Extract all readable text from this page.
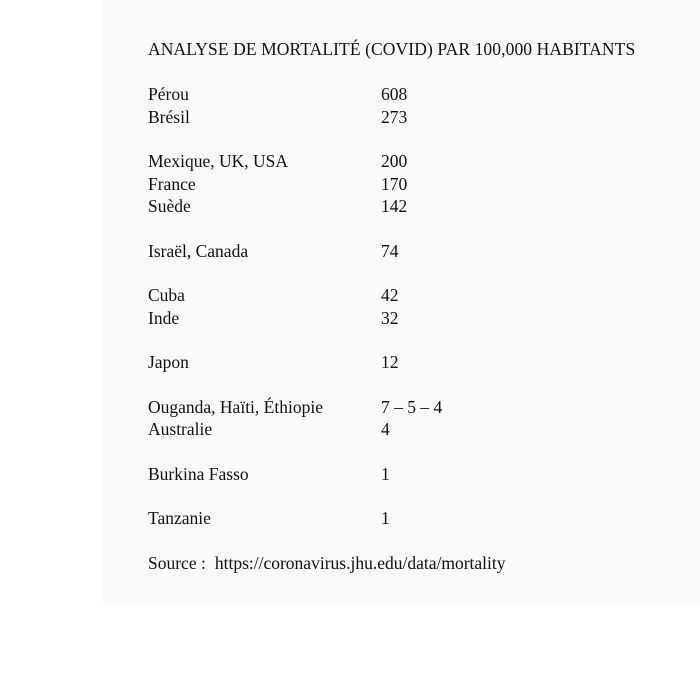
ANALYSE DE MORTALITÉ (COVID) PAR 100,000 HABITANTS
Pérou	608
Brésil	273
Mexique, UK, USA	200
France	170
Suède	142
Israël, Canada	74
Cuba	42
Inde	32
Japon	12
Ouganda, Haïti, Éthiopie	7 – 5 – 4
Australie	4
Burkina Fasso	1
Tanzanie	1
Source : https://coronavirus.jhu.edu/data/mortality
